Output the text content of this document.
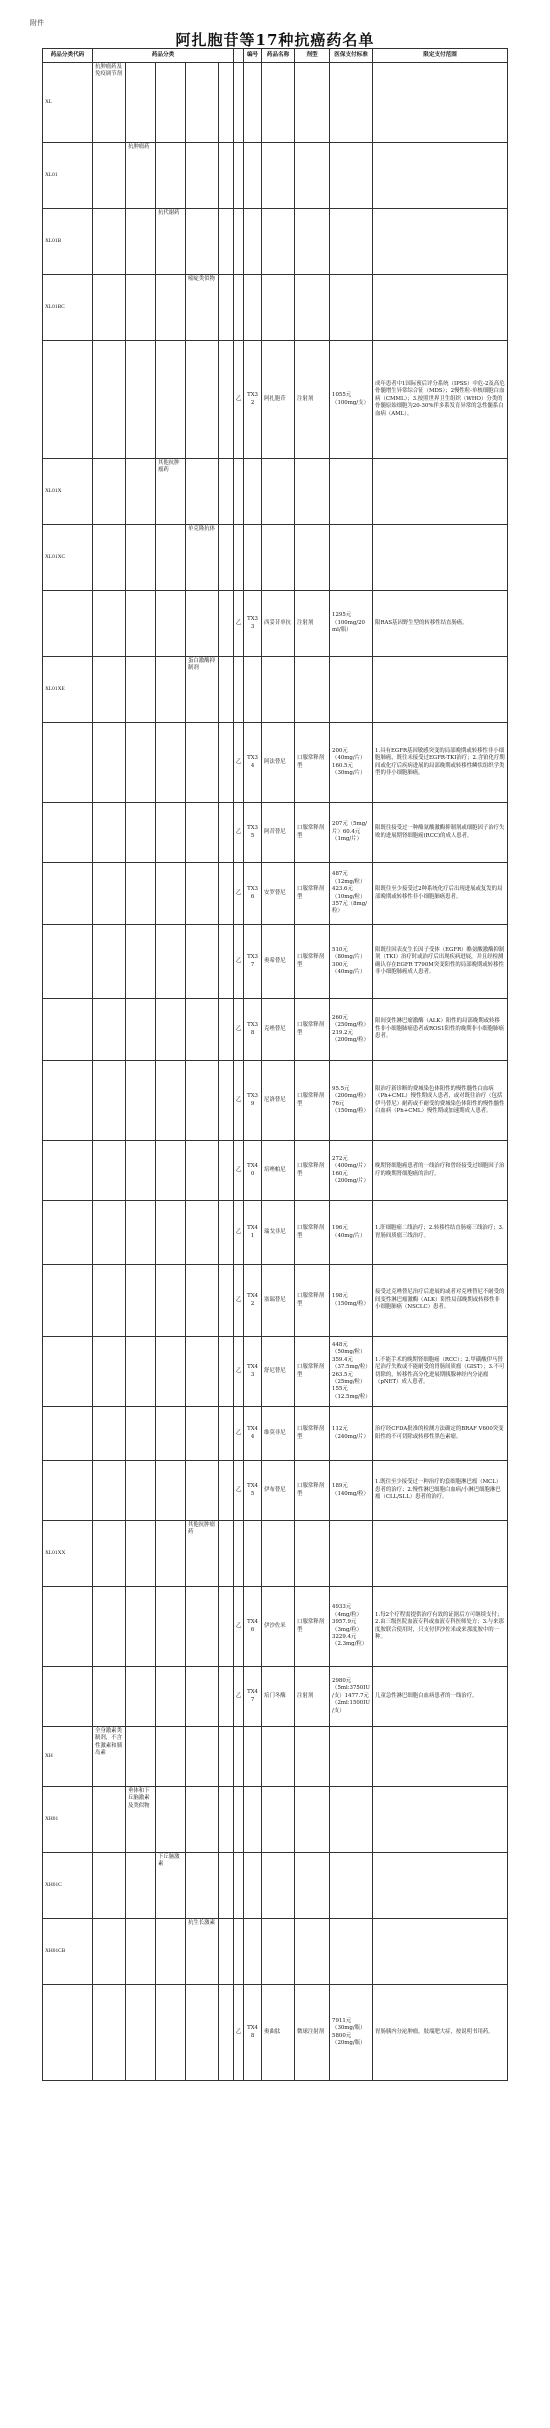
附件
阿扎胞苷等17种抗癌药名单
药品分类代码	药品分类						编号	药品名称	剂型	医保支付标准	限定支付范围
XL	抗肿瘤药及免疫调节剂										
XL01		抗肿瘤药									
XL01B			抗代谢药								
XL01BC				嘧啶类似物							
						乙	TX32	阿扎胞苷	注射剂	1055元（100mg/支）	成年患者中1国际预后评分系统（IPSS）中危-2及高危骨髓增生异常综合征（MDS）；2慢性粒-单核细胞白血病（CMML）；3.按照世界卫生组织（WHO）分类的骨髓原始细胞为20-30%伴多系发育异常的急性髓系白血病（AML）。
XL01X			其他抗肿瘤药								
XL01XC				单克隆抗体							
						乙	TX33	西妥昔单抗	注射剂	1295元（100mg/20ml/瓶）	限RAS基因野生型的转移性结直肠癌。
XL01XE				蛋白激酶抑制剂							
						乙	TX34	阿法替尼	口服常释剂型	200元（40mg/片）160.5元（30mg/片）	1.具有EGFR基因敏感突变的局部晚期或转移性非小细胞肺癌，既往未接受过EGFR-TKI治疗；2.含铂化疗期间或化疗后疾病进展的局部晚期或转移性鳞状组织学类型的非小细胞肺癌。
						乙	TX35	阿昔替尼	口服常释剂型	207元（5mg/片）60.4元（1mg/片）	限既往接受过一种酪氨酸激酶抑制剂或细胞因子治疗失败的进展期肾细胞癌(RCC)的成人患者。
						乙	TX36	安罗替尼	口服常释剂型	487元（12mg/粒）423.6元（10mg/粒）357元（8mg/粒）	限既往至少接受过2种系统化疗后出现进展或复发的局部晚期或转移性非小细胞肺癌患者。
						乙	TX37	奥希替尼	口服常释剂型	510元（80mg/片）300元（40mg/片）	限既往因表皮生长因子受体（EGFR）酪氨酸激酶抑制剂（TKI）治疗时或治疗后出现疾病进展，并且经检测确认存在EGFR T790M突变阳性的局部晚期或转移性非小细胞肺癌成人患者。
						乙	TX38	克唑替尼	口服常释剂型	260元（250mg/粒）219.2元（200mg/粒）	限间变性淋巴瘤激酶（ALK）阳性的局部晚期或转移性非小细胞肺癌患者或ROS1阳性的晚期非小细胞肺癌患者。
						乙	TX39	尼洛替尼	口服常释剂型	95.5元（200mg/粒）76元（150mg/粒）	限治疗新诊断的费城染色体阳性的慢性髓性白血病（Ph+CML）慢性期成人患者，或对既往治疗（包括伊马替尼）耐药或不耐受的费城染色体阳性的慢性髓性白血病（Ph+CML）慢性期或加速期成人患者。
						乙	TX40	培唑帕尼	口服常释剂型	272元（400mg/片）160元（200mg/片）	晚期肾细胞癌患者的一线治疗和曾经接受过细胞因子治疗的晚期肾细胞癌的治疗。
						乙	TX41	瑞戈非尼	口服常释剂型	196元（40mg/片）	1.肝细胞癌二线治疗；2.转移性结直肠癌三线治疗；3.胃肠间质瘤三线治疗。
						乙	TX42	塞瑞替尼	口服常释剂型	198元（150mg/粒）	接受过克唑替尼治疗后进展的或者对克唑替尼不耐受的间变性淋巴瘤激酶（ALK）阳性局部晚期或转移性非小细胞肺癌（NSCLC）患者。
						乙	TX43	舒尼替尼	口服常释剂型	448元（50mg/粒）359.4元（37.5mg/粒）263.5元（25mg/粒）155元（12.5mg/粒）	1.不能手术的晚期肾细胞癌（RCC）；2.甲磺酸伊马替尼治疗失败或不能耐受的胃肠间质瘤（GIST）；3.不可切除的，转移性高分化进展期胰腺神经内分泌瘤（pNET）成人患者。
						乙	TX44	维莫非尼	口服常释剂型	112元（240mg/片）	治疗经CFDA批准的检测方法确定的BRAF V600突变阳性的不可切除或转移性黑色素瘤。
						乙	TX45	伊布替尼	口服常释剂型	189元（140mg/粒）	1.既往至少接受过一种治疗的套细胞淋巴瘤（MCL）患者的治疗；2.慢性淋巴细胞白血病/小淋巴细胞淋巴瘤（CLL/SLL）患者的治疗。
XL01XX				其他抗肿瘤药							
						乙	TX46	伊沙佐米	口服常释剂型	4933元（4mg/粒）3957.9元（3mg/粒）3229.4元（2.3mg/粒）	1.每2个疗程需提供治疗有效的证据后方可继续支付；2.由三级医院血液专科或血液专科医师处方；3.与来那度胺联合使用时，只支付伊沙佐米或来那度胺中的一种。
						乙	TX47	培门冬酶	注射剂	2980元（5ml:3750IU/支）1477.7元（2ml:1500IU/支）	儿童急性淋巴细胞白血病患者的一线治疗。
XH	全身激素类制剂，不含性激素和胰岛素										
XH01		垂体和下丘脑激素及类似物									
XH01C			下丘脑激素								
XH01CB				抗生长激素							
						乙	TX48	奥曲肽	微球注射剂	7911元（30mg/瓶）5800元（20mg/瓶）	胃肠胰内分泌肿瘤，肢端肥大症，按说明书用药。
